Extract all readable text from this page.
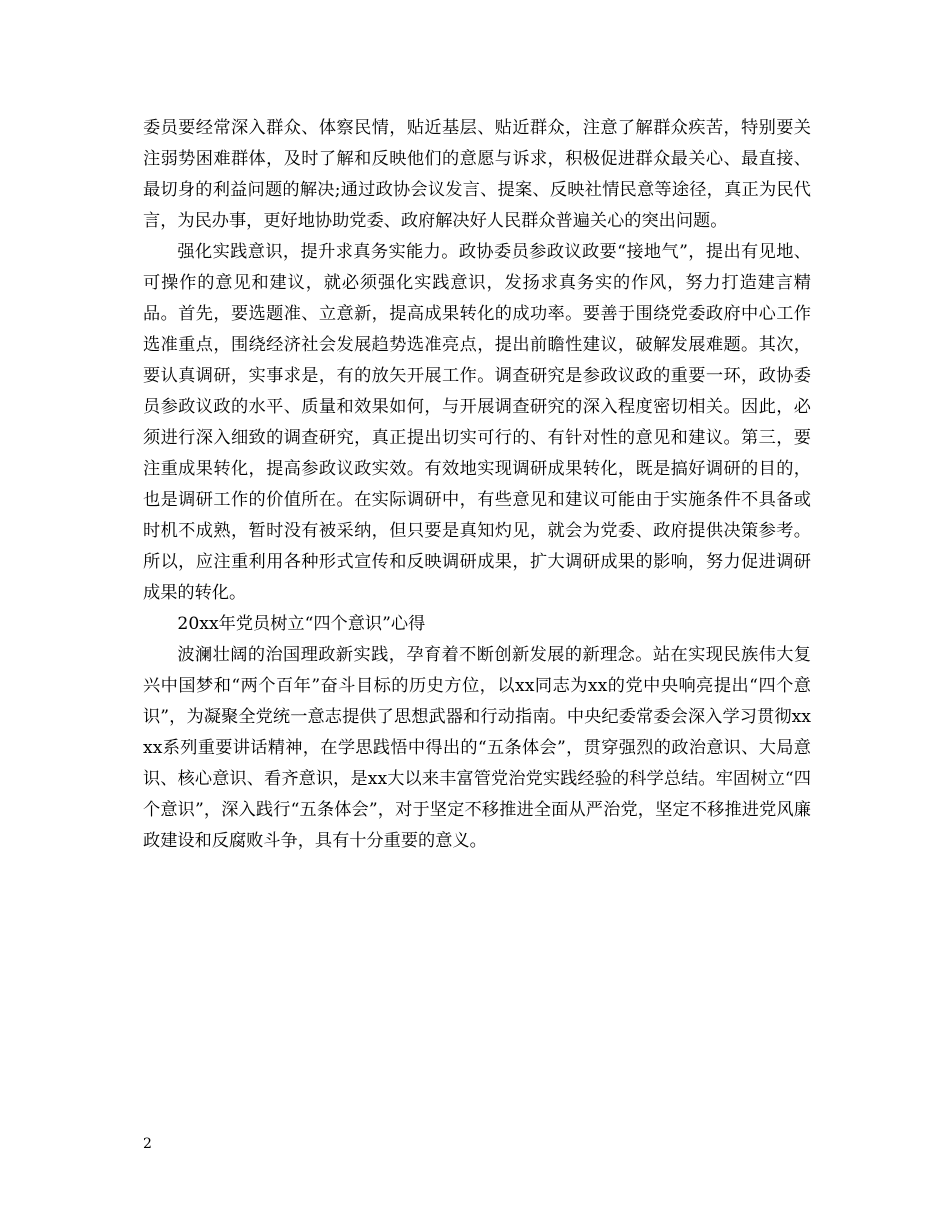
委员要经常深入群众、体察民情，贴近基层、贴近群众，注意了解群众疾苦，特别要关注弱势困难群体，及时了解和反映他们的意愿与诉求，积极促进群众最关心、最直接、最切身的利益问题的解决;通过政协会议发言、提案、反映社情民意等途径，真正为民代言，为民办事，更好地协助党委、政府解决好人民群众普遍关心的突出问题。

强化实践意识，提升求真务实能力。政协委员参政议政要“接地气”，提出有见地、可操作的意见和建议，就必须强化实践意识，发扬求真务实的作风，努力打造建言精品。首先，要选题准、立意新，提高成果转化的成功率。要善于围绕党委政府中心工作选准重点，围绕经济社会发展趋势选准亮点，提出前瞻性建议，破解发展难题。其次，要认真调研，实事求是，有的放矢开展工作。调查研究是参政议政的重要一环，政协委员参政议政的水平、质量和效果如何，与开展调查研究的深入程度密切相关。因此，必须进行深入细致的调查研究，真正提出切实可行的、有针对性的意见和建议。第三，要注重成果转化，提高参政议政实效。有效地实现调研成果转化，既是搞好调研的目的，也是调研工作的价值所在。在实际调研中，有些意见和建议可能由于实施条件不具备或时机不成熟，暂时没有被采纳，但只要是真知灼见，就会为党委、政府提供决策参考。所以，应注重利用各种形式宣传和反映调研成果，扩大调研成果的影响，努力促进调研成果的转化。

20xx年党员树立“四个意识”心得

波澜壮阔的治国理政新实践，孕育着不断创新发展的新理念。站在实现民族伟大复兴中国梦和“两个百年”奋斗目标的历史方位，以xx同志为xx的党中央响亮提出“四个意识”，为凝聚全党统一意志提供了思想武器和行动指南。中央纪委常委会深入学习贯彻xxxx系列重要讲话精神，在学思践悟中得出的“五条体会”，贯穿强烈的政治意识、大局意识、核心意识、看齐意识，是xx大以来丰富管党治党实践经验的科学总结。牢固树立“四个意识”，深入践行“五条体会”，对于坚定不移推进全面从严治党，坚定不移推进党风廉政建设和反腐败斗争，具有十分重要的意义。

2
